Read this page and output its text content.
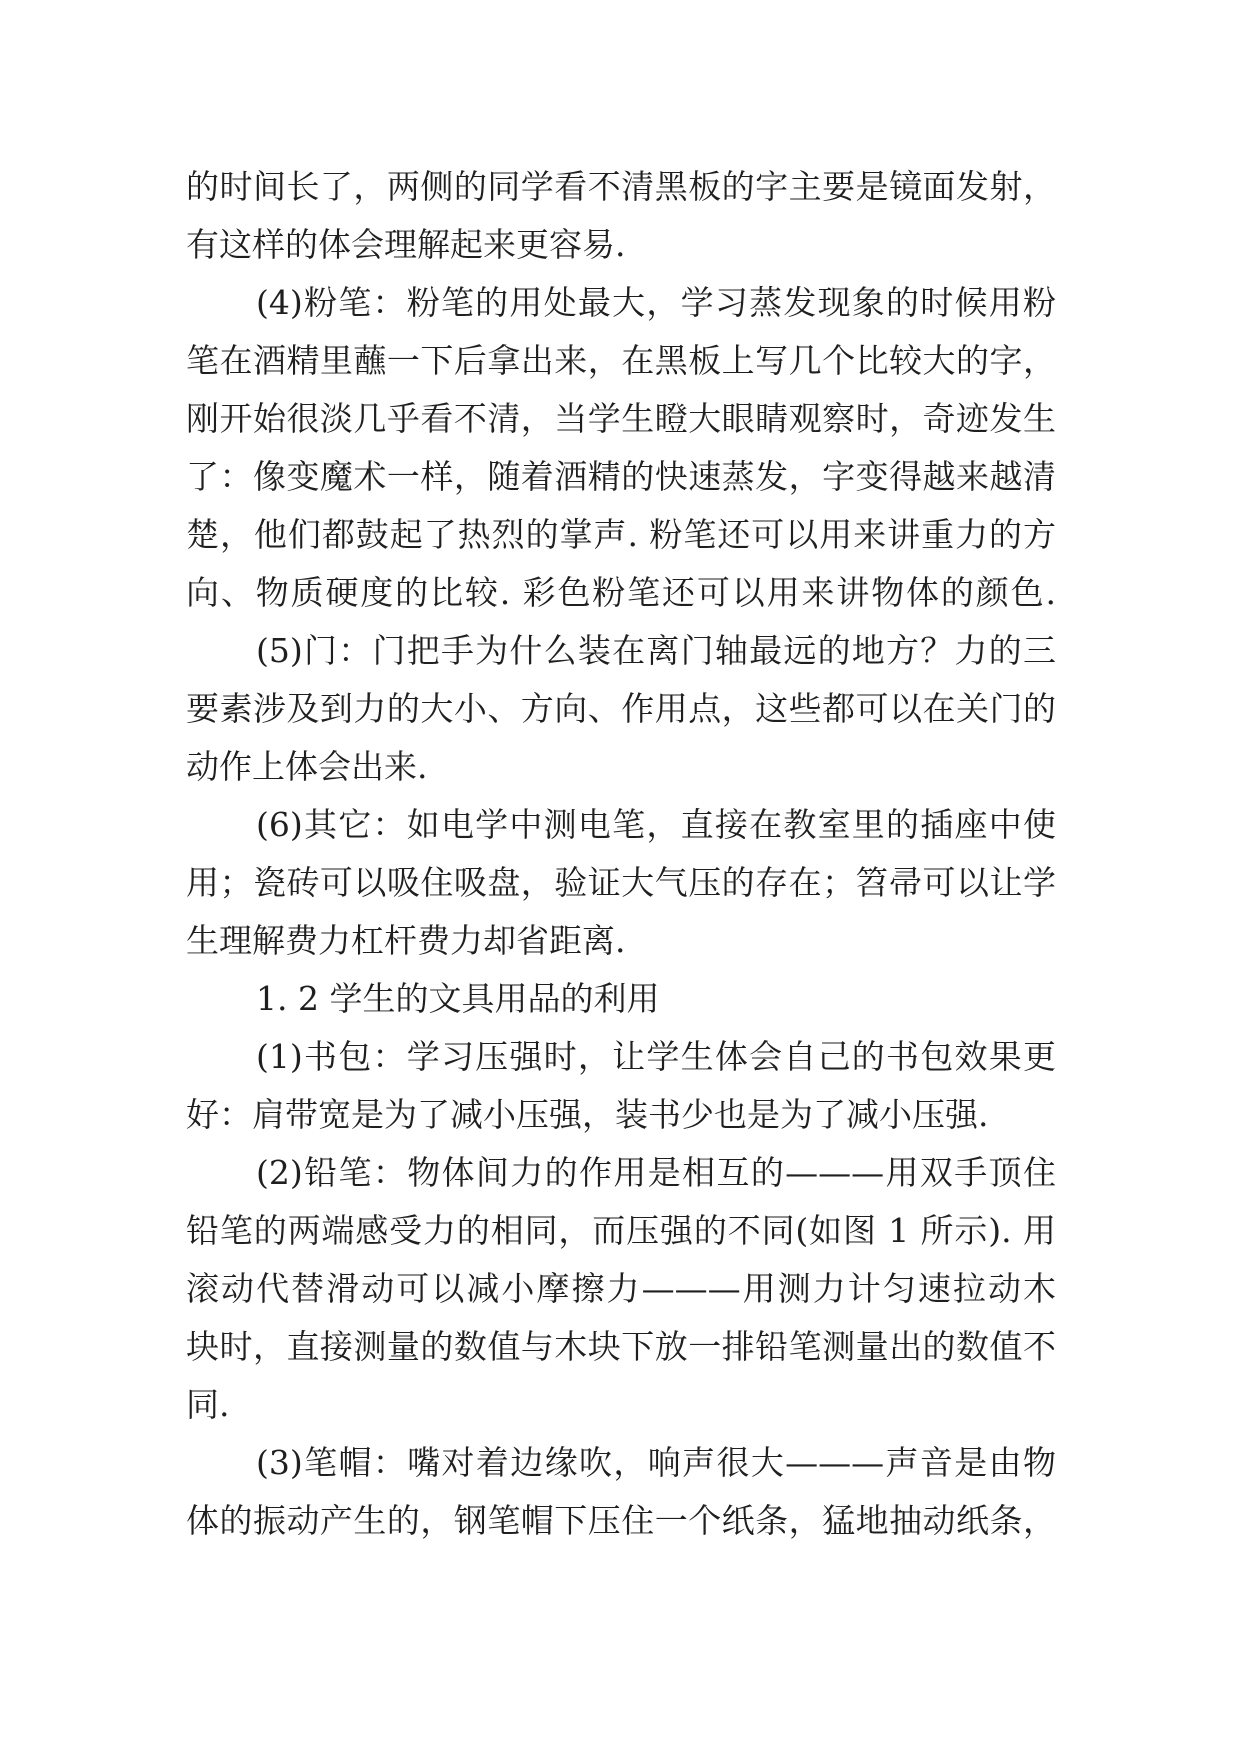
的时间长了，两侧的同学看不清黑板的字主要是镜面发射，
有这样的体会理解起来更容易.
(4)粉笔：粉笔的用处最大，学习蒸发现象的时候用粉
笔在酒精里蘸一下后拿出来，在黑板上写几个比较大的字，
刚开始很淡几乎看不清，当学生瞪大眼睛观察时，奇迹发生
了：像变魔术一样，随着酒精的快速蒸发，字变得越来越清
楚，他们都鼓起了热烈的掌声. 粉笔还可以用来讲重力的方
向、物质硬度的比较. 彩色粉笔还可以用来讲物体的颜色.
(5)门：门把手为什么装在离门轴最远的地方？力的三
要素涉及到力的大小、方向、作用点，这些都可以在关门的
动作上体会出来.
(6)其它：如电学中测电笔，直接在教室里的插座中使
用；瓷砖可以吸住吸盘，验证大气压的存在；笤帚可以让学
生理解费力杠杆费力却省距离.
1. 2 学生的文具用品的利用
(1)书包：学习压强时，让学生体会自己的书包效果更
好：肩带宽是为了减小压强，装书少也是为了减小压强.
(2)铅笔：物体间力的作用是相互的———用双手顶住
铅笔的两端感受力的相同，而压强的不同(如图 1 所示). 用
滚动代替滑动可以减小摩擦力———用测力计匀速拉动木
块时，直接测量的数值与木块下放一排铅笔测量出的数值不
同.
(3)笔帽：嘴对着边缘吹，响声很大———声音是由物
体的振动产生的，钢笔帽下压住一个纸条，猛地抽动纸条，
